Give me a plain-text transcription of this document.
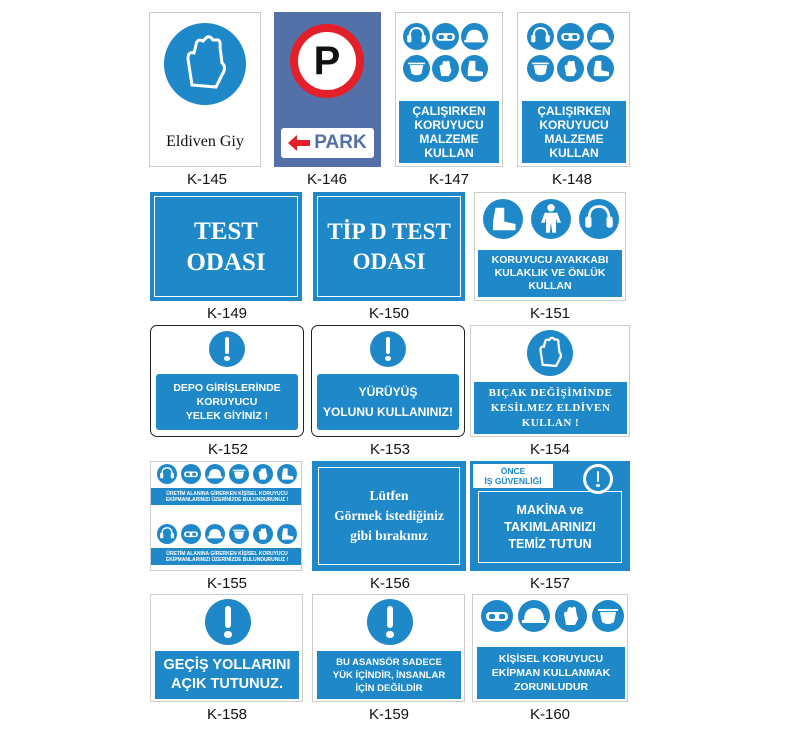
Eldiven Giy
K-145
P
PARK
K-146
ÇALIŞIRKEN
KORUYUCU
MALZEME
KULLAN
K-147
ÇALIŞIRKEN
KORUYUCU
MALZEME
KULLAN
K-148
TEST
ODASI
K-149
TİP D TEST
ODASI
K-150
KORUYUCU AYAKKABI
KULAKLIK VE ÖNLÜK
KULLAN
K-151
DEPO GİRİŞLERİNDE
KORUYUCU
YELEK GİYİNİZ !
K-152
YÜRÜYÜŞ
YOLUNU KULLANINIZ!
K-153
BIÇAK DEĞİŞİMİNDE
KESİLMEZ ELDİVEN
KULLAN !
K-154
ÜRETİM ALANINA GİRERKEN KİŞİSEL KORUYUCU
EKİPMANLARINIZI ÜZERİNİZDE BULUNDURUNUZ !
ÜRETİM ALANINA GİRERKEN KİŞİSEL KORUYUCU
EKİPMANLARINIZI ÜZERİNİZDE BULUNDURUNUZ !
K-155
Lütfen
Görmek istediğiniz
gibi bırakınız
K-156
ÖNCE
İŞ GÜVENLİĞİ
MAKİNA ve
TAKIMLARINIZI
TEMİZ TUTUN
K-157
GEÇİŞ YOLLARINI
AÇIK TUTUNUZ.
K-158
BU ASANSÖR SADECE
YÜK İÇİNDİR, İNSANLAR
İÇİN DEĞİLDİR
K-159
KİŞİSEL KORUYUCU
EKİPMAN KULLANMAK
ZORUNLUDUR
K-160
